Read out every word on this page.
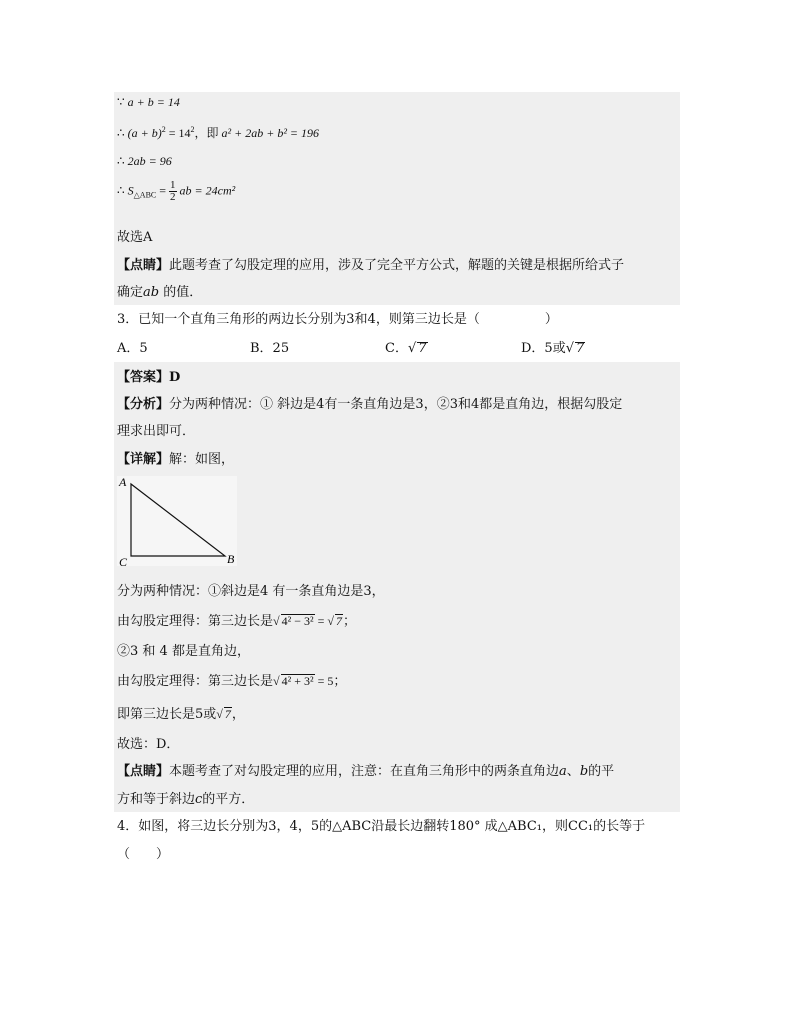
∵ a + b = 14
∴ $(a + b)^2 = 14^2$，即 a² + 2ab + b² = 196
∴ 2ab = 96
∴ $S_{\triangle ABC} = \frac{1}{2}$ ab = 24cm²
故选A
【点睛】此题考查了勾股定理的应用，涉及了完全平方公式，解题的关键是根据所给式子
确定ab 的值．
3．已知一个直角三角形的两边长分别为3和4，则第三边长是（　　　　　）
A．5	B．25	C．√ 7	D．5或√ 7
【答案】D
【分析】分为两种情况：① 斜边是4有一条直角边是3，②3和4都是直角边，根据勾股定
理求出即可．
【详解】解：如图，
A
C	B
分为两种情况：①斜边是4 有一条直角边是3，
由勾股定理得：第三边长是√ 4² − 3² = √ 7；
②3 和 4 都是直角边，
由勾股定理得：第三边长是√ 4² + 3² = 5；
即第三边长是5或√ 7，
故选：D．
【点睛】本题考查了对勾股定理的应用，注意：在直角三角形中的两条直角边a、b的平
方和等于斜边c的平方．
4．如图，将三边长分别为3，4，5的△ABC沿最长边翻转180° 成△ABC₁，则CC₁的长等于
（　　）
